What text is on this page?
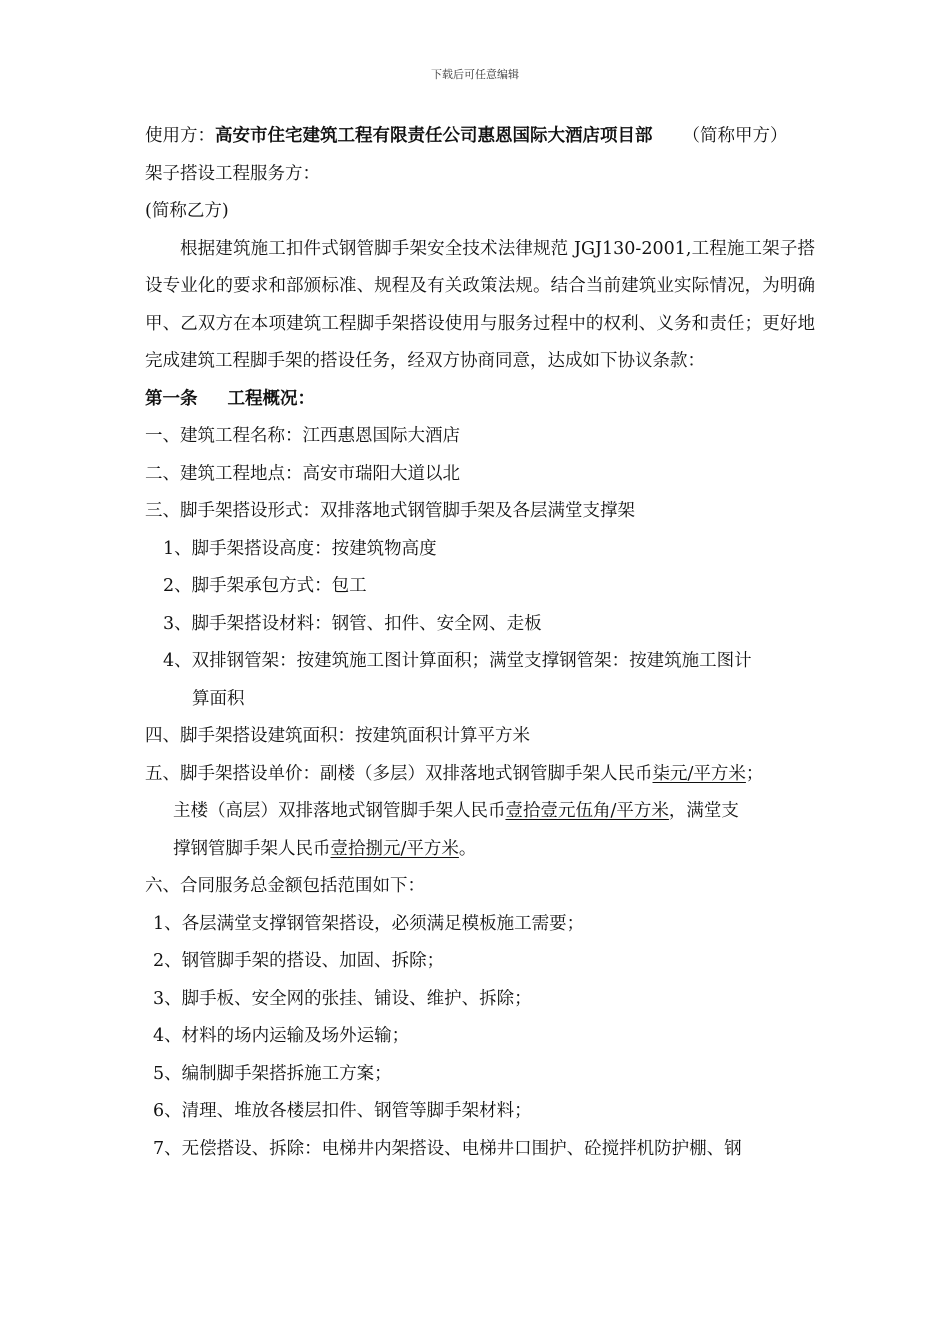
下载后可任意编辑

使用方：高安市住宅建筑工程有限责任公司惠恩国际大酒店项目部 （简称甲方）

架子搭设工程服务方：

(简称乙方)

根据建筑施工扣件式钢管脚手架安全技术法律规范 JGJ130-2001,工程施工架子搭设专业化的要求和部颁标准、规程及有关政策法规。结合当前建筑业实际情况，为明确甲、乙双方在本项建筑工程脚手架搭设使用与服务过程中的权利、义务和责任；更好地完成建筑工程脚手架的搭设任务，经双方协商同意，达成如下协议条款：

第一条 工程概况：

一、建筑工程名称：江西惠恩国际大酒店

二、建筑工程地点：高安市瑞阳大道以北

三、脚手架搭设形式：双排落地式钢管脚手架及各层满堂支撑架

1、脚手架搭设高度：按建筑物高度

2、脚手架承包方式：包工

3、脚手架搭设材料：钢管、扣件、安全网、走板

4、双排钢管架：按建筑施工图计算面积；满堂支撑钢管架：按建筑施工图计

算面积

四、脚手架搭设建筑面积：按建筑面积计算平方米

五、脚手架搭设单价：副楼（多层）双排落地式钢管脚手架人民币柒元/平方米；

主楼（高层）双排落地式钢管脚手架人民币壹拾壹元伍角/平方米，满堂支

撑钢管脚手架人民币壹拾捌元/平方米。

六、合同服务总金额包括范围如下：

1、各层满堂支撑钢管架搭设，必须满足模板施工需要；

2、钢管脚手架的搭设、加固、拆除；

3、脚手板、安全网的张挂、铺设、维护、拆除；

4、材料的场内运输及场外运输；

5、编制脚手架搭拆施工方案；

6、清理、堆放各楼层扣件、钢管等脚手架材料；

7、无偿搭设、拆除：电梯井内架搭设、电梯井口围护、砼搅拌机防护棚、钢
